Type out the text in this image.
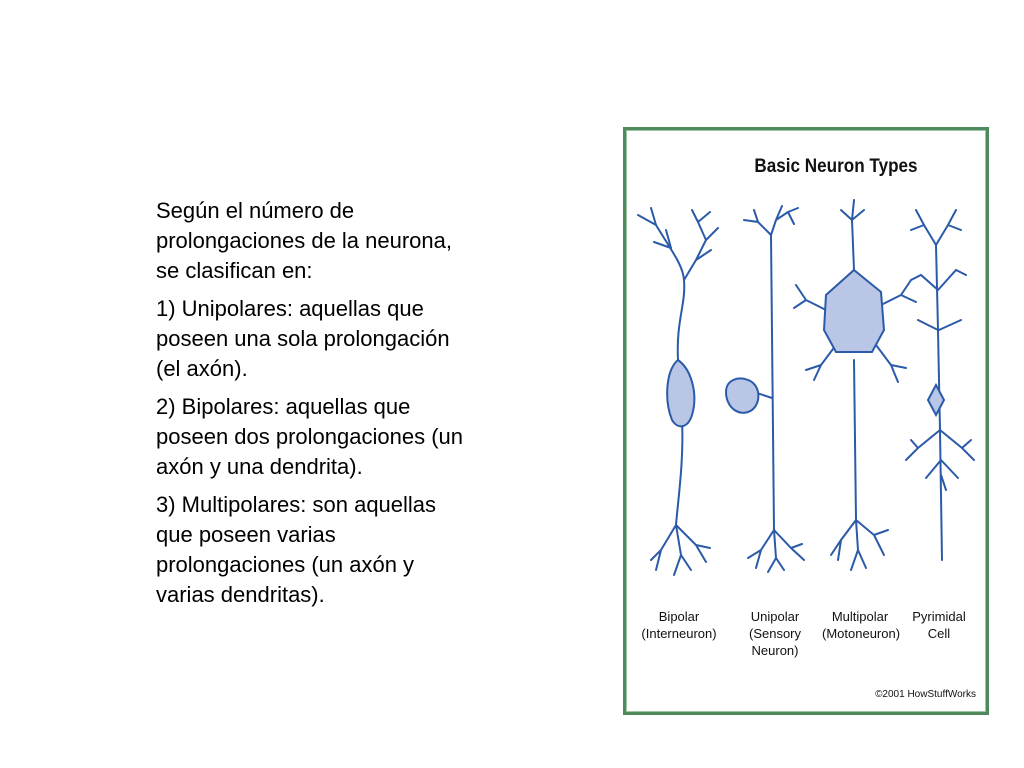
Según el número de prolongaciones de la neurona, se clasifican en:

1) Unipolares: aquellas que poseen una sola prolongación (el axón).

2) Bipolares: aquellas que poseen dos prolongaciones (un axón y una dendrita).

3) Multipolares: son aquellas que poseen varias prolongaciones (un axón y varias dendritas).

Basic Neuron Types
Bipolar
(Interneuron)
Unipolar
(Sensory Neuron)
Multipolar
(Motoneuron)
Pyrimidal
Cell
©2001 HowStuffWorks
